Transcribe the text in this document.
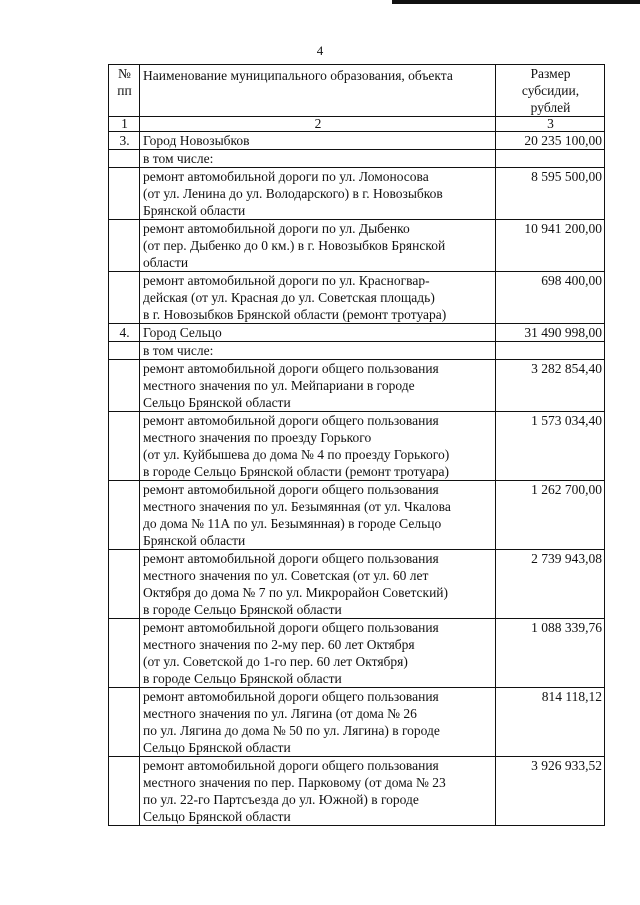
4
№
пп	Наименование муниципального образования, объекта	Размер
субсидии,
рублей

1	2	3
3.	Город Новозыбков	20 235 100,00

	в том числе:	

	ремонт автомобильной дороги по ул. Ломоносова
(от ул. Ленина до ул. Володарского) в г. Новозыбков
Брянской области	8 595 500,00

	ремонт автомобильной дороги по ул. Дыбенко
(от пер. Дыбенко до 0 км.) в г. Новозыбков Брянской
области	10 941 200,00

	ремонт автомобильной дороги по ул. Красногвар-
дейская (от ул. Красная до ул. Советская площадь)
в г. Новозыбков Брянской области (ремонт тротуара)	698 400,00
4.	Город Сельцо	31 490 998,00

	в том числе:	

	ремонт автомобильной дороги общего пользования
местного значения по ул. Мейпариани в городе
Сельцо Брянской области	3 282 854,40

	ремонт автомобильной дороги общего пользования
местного значения по проезду Горького
(от ул. Куйбышева до дома № 4 по проезду Горького)
в городе Сельцо Брянской области (ремонт тротуара)	1 573 034,40

	ремонт автомобильной дороги общего пользования
местного значения по ул. Безымянная (от ул. Чкалова
до дома № 11А по ул. Безымянная) в городе Сельцо
Брянской области	1 262 700,00

	ремонт автомобильной дороги общего пользования
местного значения по ул. Советская (от ул. 60 лет
Октября до дома № 7 по ул. Микрорайон Советский)
в городе Сельцо Брянской области	2 739 943,08

	ремонт автомобильной дороги общего пользования
местного значения по 2-му пер. 60 лет Октября
(от ул. Советской до 1-го пер. 60 лет Октября)
в городе Сельцо Брянской области	1 088 339,76

	ремонт автомобильной дороги общего пользования
местного значения по ул. Лягина (от дома № 26
по ул. Лягина до дома № 50 по ул. Лягина) в городе
Сельцо Брянской области	814 118,12

	ремонт автомобильной дороги общего пользования
местного значения по пер. Парковому (от дома № 23
по ул. 22-го Партсъезда до ул. Южной) в городе
Сельцо Брянской области	3 926 933,52
